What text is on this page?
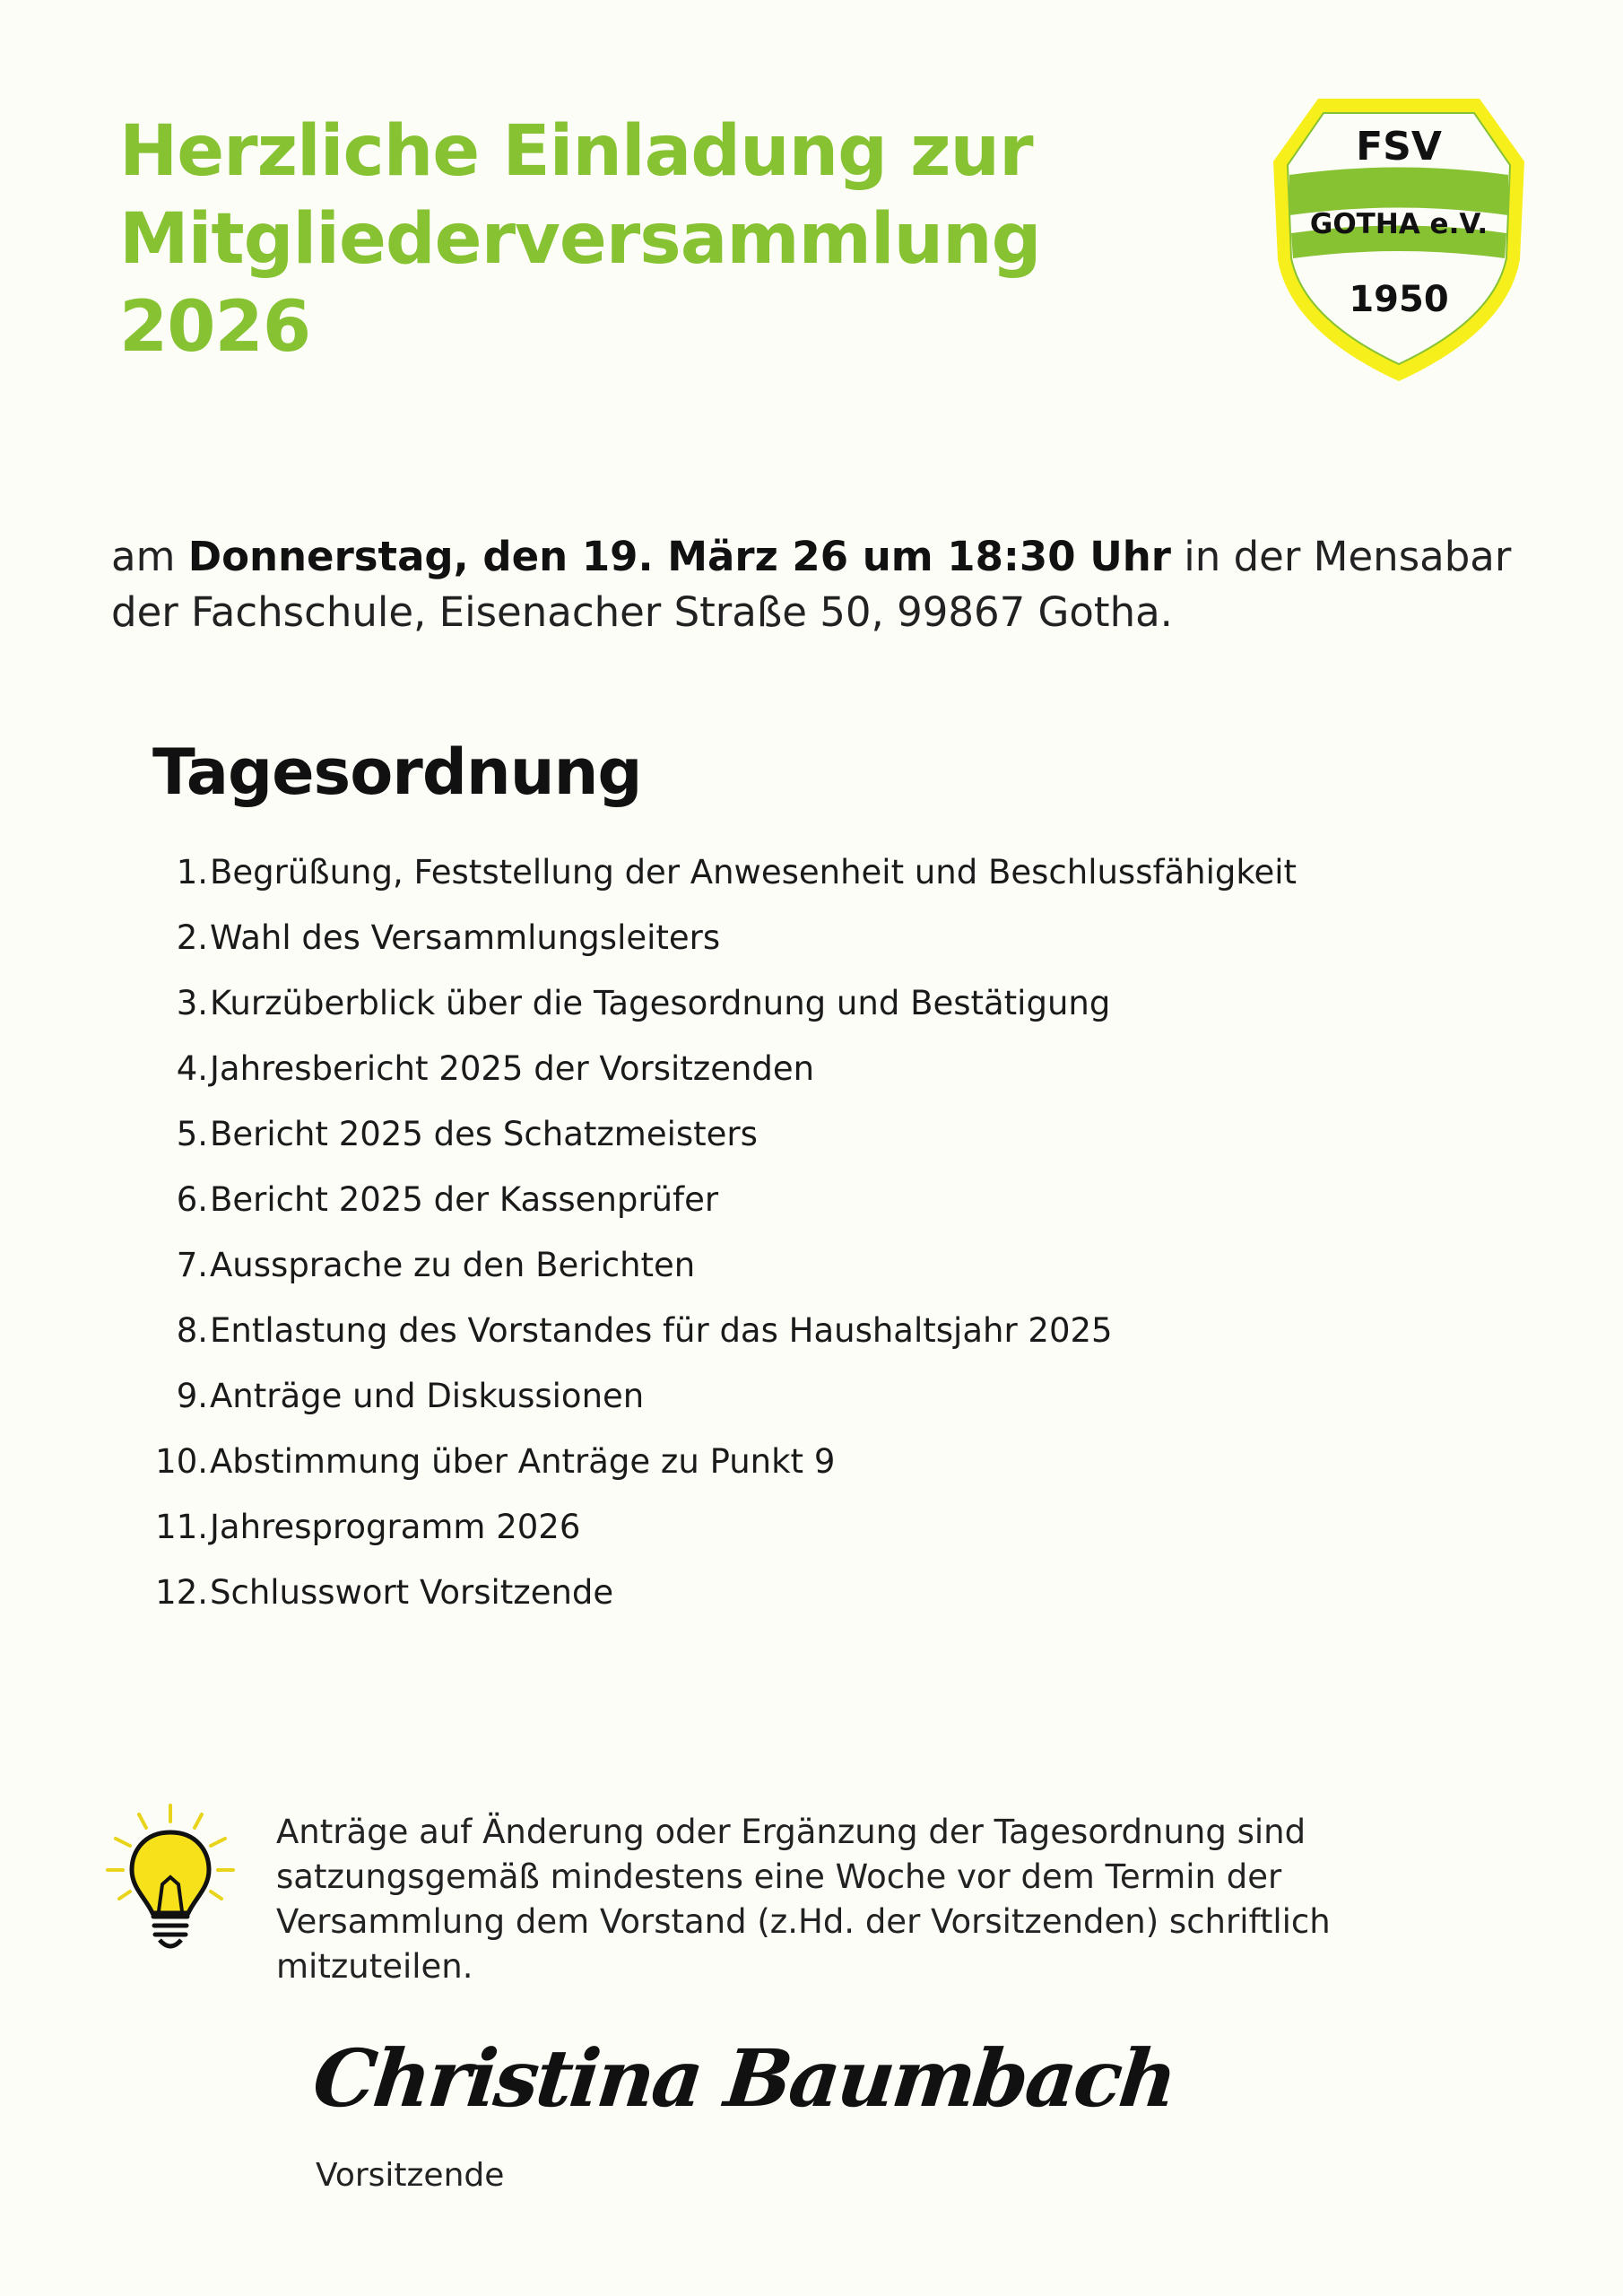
Herzliche Einladung zur
Mitgliederversammlung
2026
FSV
GOTHA e.V.
1950
am Donnerstag, den 19. März 26 um 18:30 Uhr in der Mensabar der Fachschule, Eisenacher Straße 50, 99867 Gotha.
Tagesordnung
1. Begrüßung, Feststellung der Anwesenheit und Beschlussfähigkeit
2. Wahl des Versammlungsleiters
3. Kurzüberblick über die Tagesordnung und Bestätigung
4. Jahresbericht 2025 der Vorsitzenden
5. Bericht 2025 des Schatzmeisters
6. Bericht 2025 der Kassenprüfer
7. Aussprache zu den Berichten
8. Entlastung des Vorstandes für das Haushaltsjahr 2025
9. Anträge und Diskussionen
10. Abstimmung über Anträge zu Punkt 9
11. Jahresprogramm 2026
12. Schlusswort Vorsitzende
Anträge auf Änderung oder Ergänzung der Tagesordnung sind satzungsgemäß mindestens eine Woche vor dem Termin der Versammlung dem Vorstand (z.Hd. der Vorsitzenden) schriftlich mitzuteilen.
Christina Baumbach
Vorsitzende
